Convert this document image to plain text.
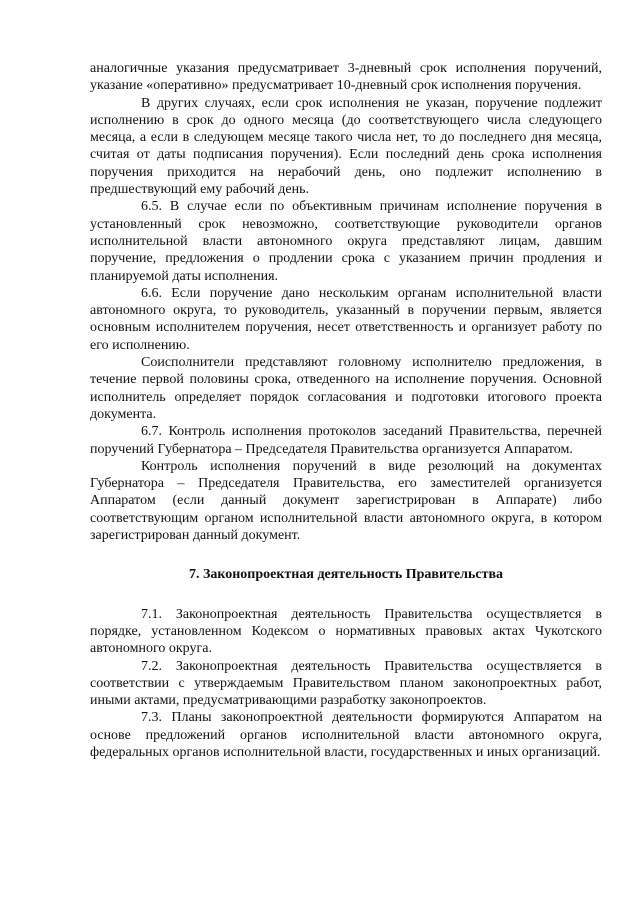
аналогичные указания предусматривает 3-дневный срок исполнения поручений, указание «оперативно» предусматривает 10-дневный срок исполнения поручения.

В других случаях, если срок исполнения не указан, поручение подлежит исполнению в срок до одного месяца (до соответствующего числа следующего месяца, а если в следующем месяце такого числа нет, то до последнего дня месяца, считая от даты подписания поручения). Если последний день срока исполнения поручения приходится на нерабочий день, оно подлежит исполнению в предшествующий ему рабочий день.

6.5. В случае если по объективным причинам исполнение поручения в установленный срок невозможно, соответствующие руководители органов исполнительной власти автономного округа представляют лицам, давшим поручение, предложения о продлении срока с указанием причин продления и планируемой даты исполнения.

6.6. Если поручение дано нескольким органам исполнительной власти автономного округа, то руководитель, указанный в поручении первым, является основным исполнителем поручения, несет ответственность и организует работу по его исполнению.

Соисполнители представляют головному исполнителю предложения, в течение первой половины срока, отведенного на исполнение поручения. Основной исполнитель определяет порядок согласования и подготовки итогового проекта документа.

6.7. Контроль исполнения протоколов заседаний Правительства, перечней поручений Губернатора – Председателя Правительства организуется Аппаратом.

Контроль исполнения поручений в виде резолюций на документах Губернатора – Председателя Правительства, его заместителей организуется Аппаратом (если данный документ зарегистрирован в Аппарате) либо соответствующим органом исполнительной власти автономного округа, в котором зарегистрирован данный документ.

7. Законопроектная деятельность Правительства

7.1. Законопроектная деятельность Правительства осуществляется в порядке, установленном Кодексом о нормативных правовых актах Чукотского автономного округа.

7.2. Законопроектная деятельность Правительства осуществляется в соответствии с утверждаемым Правительством планом законопроектных работ, иными актами, предусматривающими разработку законопроектов.

7.3. Планы законопроектной деятельности формируются Аппаратом на основе предложений органов исполнительной власти автономного округа, федеральных органов исполнительной власти, государственных и иных организаций.
